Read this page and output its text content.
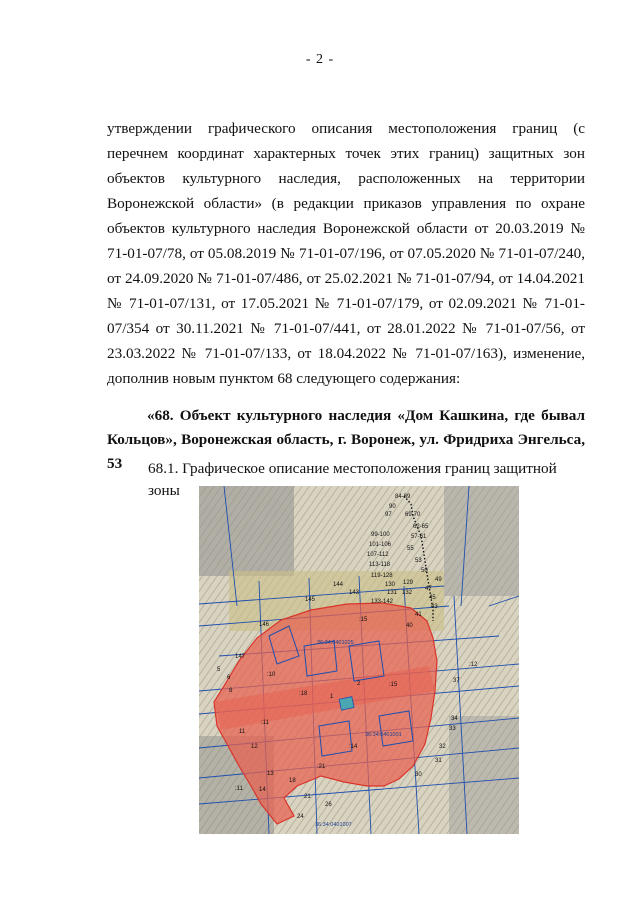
- 2 -

утверждении графического описания местоположения границ (с перечнем координат характерных точек этих границ) защитных зон объектов культурного наследия, расположенных на территории Воронежской области» (в редакции приказов управления по охране объектов культурного наследия Воронежской области от 20.03.2019 № 71-01-07/78, от 05.08.2019 № 71-01-07/196, от 07.05.2020 № 71-01-07/240, от 24.09.2020 № 71-01-07/486, от 25.02.2021 № 71-01-07/94, от 14.04.2021 № 71-01-07/131, от 17.05.2021 № 71-01-07/179, от 02.09.2021 № 71-01-07/354 от 30.11.2021 № 71-01-07/441, от 28.01.2022 № 71-01-07/56, от 23.03.2022 № 71-01-07/133, от 18.04.2022 № 71-01-07/163), изменение, дополнив новым пунктом 68 следующего содержания:

«68. Объект культурного наследия «Дом Кашкина, где бывал Кольцов», Воронежская область, г. Воронеж, ул. Фридриха Энгельса, 53	68.1. Графическое описание местоположения границ защитной зоны
36:34:0401025
36:34:0401001
36:34:0401007
:10
:18
:15
:11
:14
:21
:11
:15
:12
1
2
5
6
8
11
12
13
14
18
21
24
26
30
31
32
33
34
37
40
41
43
45
47
49
50
53
55
57-61
62-65
69-70
84-89
90
97
99-100
101-106
107-112
113-118
119-128
129
130
131 132
133-142
143
144
145
146
147
